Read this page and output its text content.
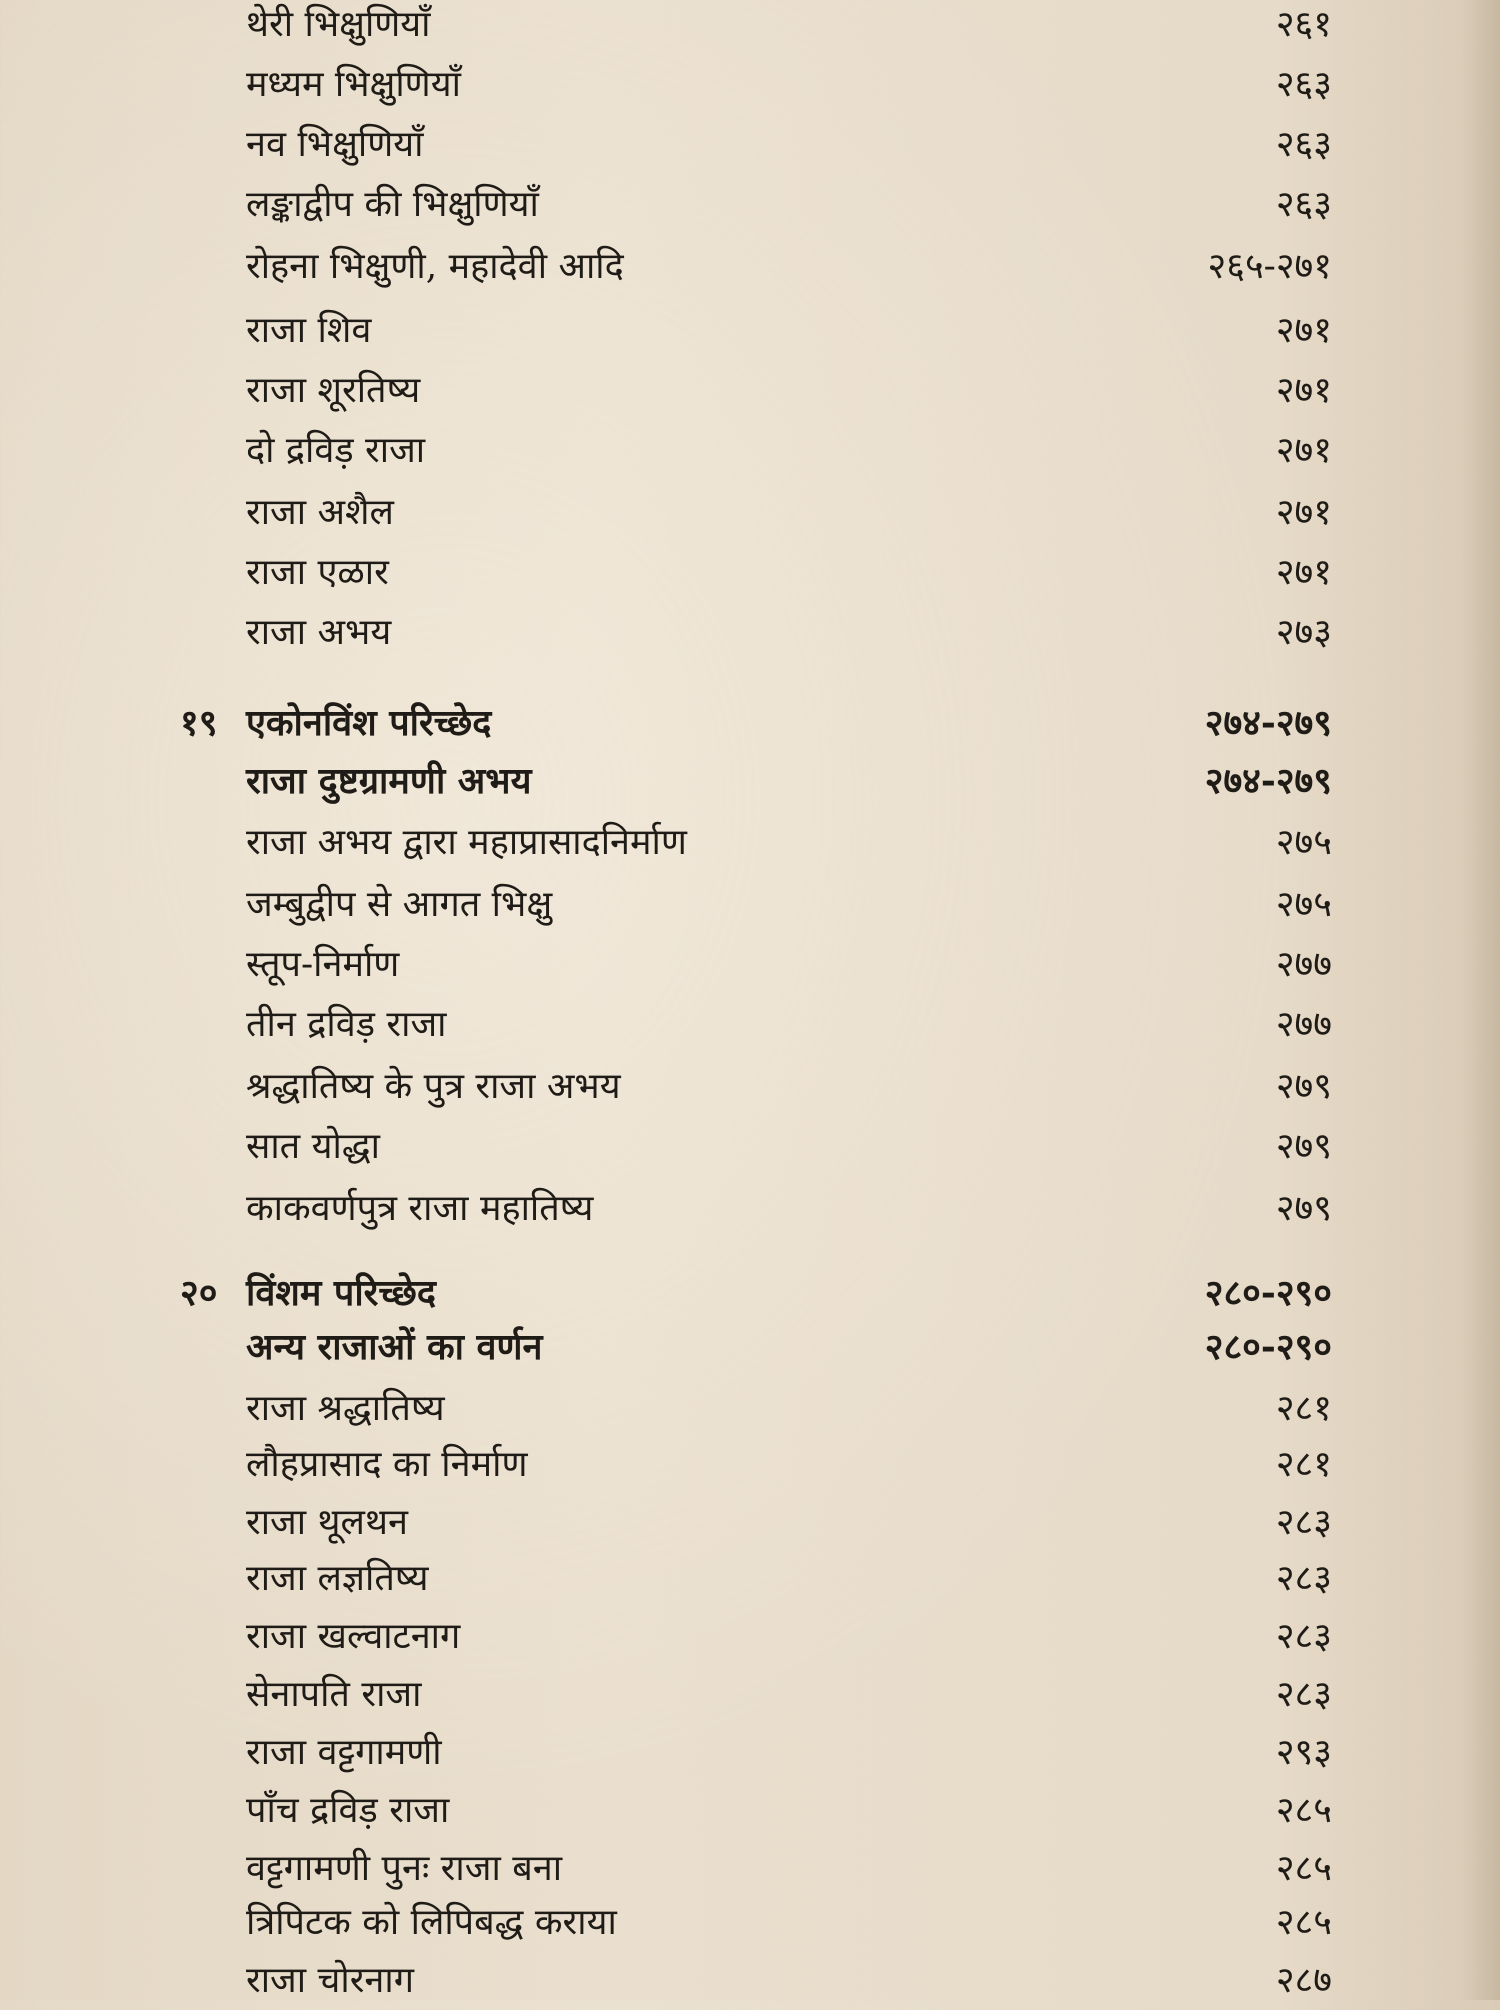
थेरी भिक्षुणियाँ	२६१
मध्यम भिक्षुणियाँ	२६३
नव भिक्षुणियाँ	२६३
लङ्काद्वीप की भिक्षुणियाँ	२६३
रोहना भिक्षुणी, महादेवी आदि	२६५-२७१
राजा शिव	२७१
राजा शूरतिष्य	२७१
दो द्रविड़ राजा	२७१
राजा अशैल	२७१
राजा एळार	२७१
राजा अभय	२७३
१९ एकोनविंश परिच्छेद	२७४-२७९
राजा दुष्टग्रामणी अभय	२७४-२७९
राजा अभय द्वारा महाप्रासादनिर्माण	२७५
जम्बुद्वीप से आगत भिक्षु	२७५
स्तूप-निर्माण	२७७
तीन द्रविड़ राजा	२७७
श्रद्धातिष्य के पुत्र राजा अभय	२७९
सात योद्धा	२७९
काकवर्णपुत्र राजा महातिष्य	२७९
२० विंशम परिच्छेद	२८०-२९०
अन्य राजाओं का वर्णन	२८०-२९०
राजा श्रद्धातिष्य	२८१
लौहप्रासाद का निर्माण	२८१
राजा थूलथन	२८३
राजा लज्ञतिष्य	२८३
राजा खल्वाटनाग	२८३
सेनापति राजा	२८३
राजा वट्टगामणी	२९३
पाँच द्रविड़ राजा	२८५
वट्टगामणी पुनः राजा बना	२८५
त्रिपिटक को लिपिबद्ध कराया	२८५
राजा चोरनाग	२८७
